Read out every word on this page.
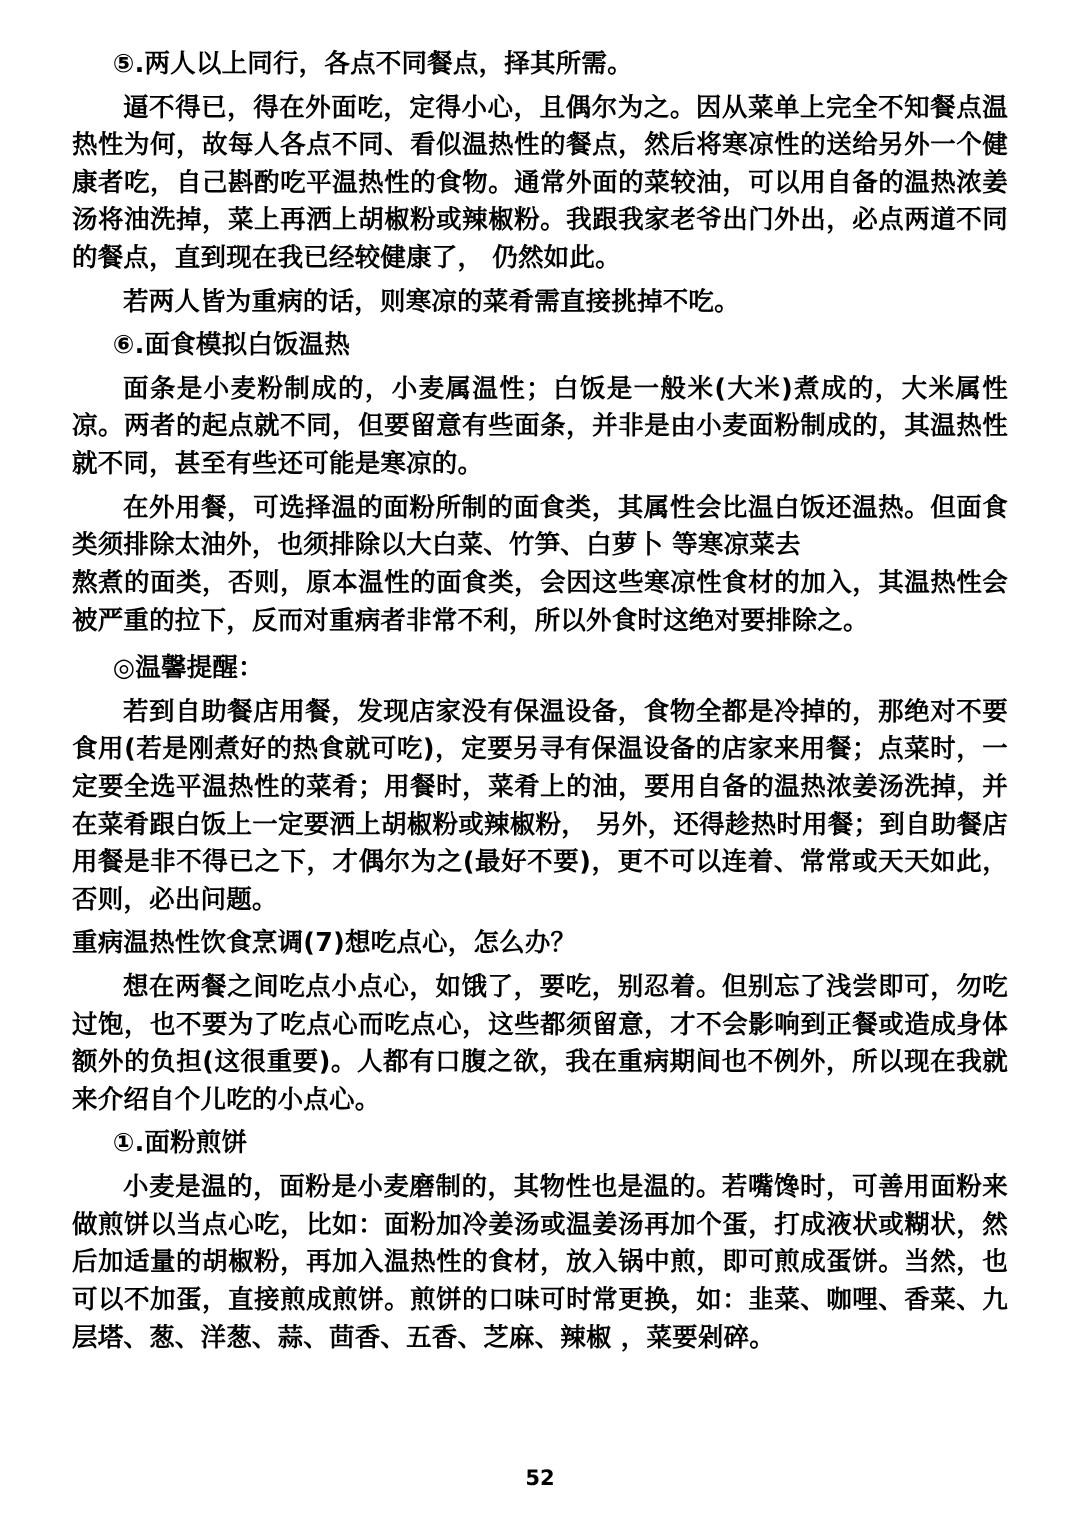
⑤.两人以上同行，各点不同餐点，择其所需。

逼不得已，得在外面吃，定得小心，且偶尔为之。因从菜单上完全不知餐点温热性为何，故每人各点不同、看似温热性的餐点，然后将寒凉性的送给另外一个健康者吃，自己斟酌吃平温热性的食物。通常外面的菜较油，可以用自备的温热浓姜汤将油洗掉，菜上再洒上胡椒粉或辣椒粉。我跟我家老爷出门外出，必点两道不同的餐点，直到现在我已经较健康了， 仍然如此。

若两人皆为重病的话，则寒凉的菜肴需直接挑掉不吃。

⑥.面食模拟白饭温热

面条是小麦粉制成的，小麦属温性；白饭是一般米(大米)煮成的，大米属性凉。两者的起点就不同，但要留意有些面条，并非是由小麦面粉制成的，其温热性就不同，甚至有些还可能是寒凉的。

在外用餐，可选择温的面粉所制的面食类，其属性会比温白饭还温热。但面食类须排除太油外，也须排除以大白菜、竹笋、白萝卜 等寒凉菜去

熬煮的面类，否则，原本温性的面食类，会因这些寒凉性食材的加入，其温热性会被严重的拉下，反而对重病者非常不利，所以外食时这绝对要排除之。

◎温馨提醒：

若到自助餐店用餐，发现店家没有保温设备，食物全都是冷掉的，那绝对不要食用(若是刚煮好的热食就可吃)，定要另寻有保温设备的店家来用餐；点菜时，一定要全选平温热性的菜肴；用餐时，菜肴上的油，要用自备的温热浓姜汤洗掉，并在菜肴跟白饭上一定要洒上胡椒粉或辣椒粉， 另外，还得趁热时用餐；到自助餐店用餐是非不得已之下，才偶尔为之(最好不要)，更不可以连着、常常或天天如此，否则，必出问题。

重病温热性饮食烹调(7)想吃点心，怎么办？

想在两餐之间吃点小点心，如饿了，要吃，别忍着。但别忘了浅尝即可，勿吃过饱，也不要为了吃点心而吃点心，这些都须留意，才不会影响到正餐或造成身体额外的负担(这很重要)。人都有口腹之欲，我在重病期间也不例外，所以现在我就来介绍自个儿吃的小点心。

①.面粉煎饼

小麦是温的，面粉是小麦磨制的，其物性也是温的。若嘴馋时，可善用面粉来做煎饼以当点心吃，比如：面粉加冷姜汤或温姜汤再加个蛋，打成液状或糊状，然后加适量的胡椒粉，再加入温热性的食材，放入锅中煎，即可煎成蛋饼。当然，也可以不加蛋，直接煎成煎饼。煎饼的口味可时常更换，如：韭菜、咖哩、香菜、九层塔、葱、洋葱、蒜、茴香、五香、芝麻、辣椒 ，菜要剁碎。

52
